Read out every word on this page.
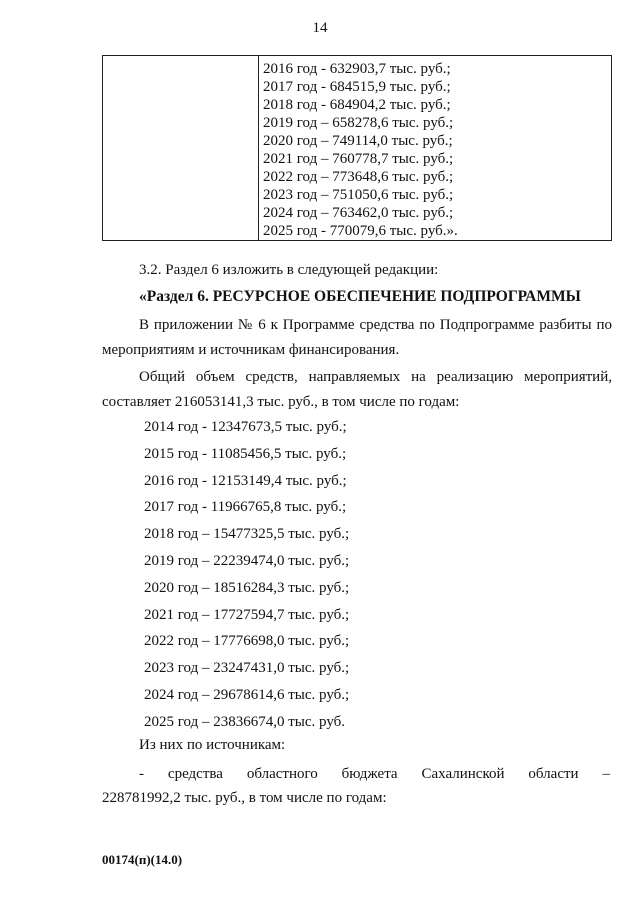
14

2016 год - 632903,7 тыс. руб.;
2017 год - 684515,9 тыс. руб.;
2018 год - 684904,2 тыс. руб.;
2019 год – 658278,6 тыс. руб.;
2020 год – 749114,0 тыс. руб.;
2021 год – 760778,7 тыс. руб.;
2022 год – 773648,6 тыс. руб.;
2023 год – 751050,6 тыс. руб.;
2024 год – 763462,0 тыс. руб.;
2025 год - 770079,6 тыс. руб.».
3.2. Раздел 6 изложить в следующей редакции:
«Раздел 6. РЕСУРСНОЕ ОБЕСПЕЧЕНИЕ ПОДПРОГРАММЫ
В приложении № 6 к Программе средства по Подпрограмме разбиты по мероприятиям и источникам финансирования.
Общий объем средств, направляемых на реализацию мероприятий, составляет 216053141,3 тыс. руб., в том числе по годам:
2014 год - 12347673,5 тыс. руб.;
2015 год - 11085456,5 тыс. руб.;
2016 год - 12153149,4 тыс. руб.;
2017 год - 11966765,8 тыс. руб.;
2018 год – 15477325,5 тыс. руб.;
2019 год – 22239474,0 тыс. руб.;
2020 год – 18516284,3 тыс. руб.;
2021 год – 17727594,7 тыс. руб.;
2022 год – 17776698,0 тыс. руб.;
2023 год – 23247431,0 тыс. руб.;
2024 год – 29678614,6 тыс. руб.;
2025 год – 23836674,0 тыс. руб.
Из них по источникам:
- средства областного бюджета Сахалинской области –
228781992,2 тыс. руб., в том числе по годам:
00174(п)(14.0)
